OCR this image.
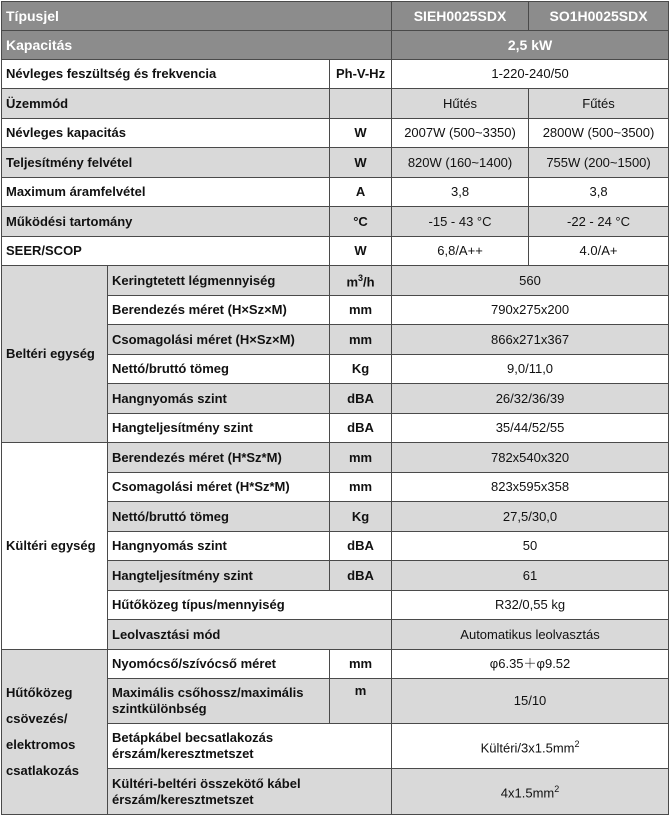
Típusjel			SIEH0025SDX	SO1H0025SDX
Kapacitás			2,5 kW	
Névleges feszültség és frekvencia		Ph-V-Hz	1-220-240/50	
Üzemmód			Hűtés	Fűtés
Névleges kapacitás		W	2007W (500~3350)	2800W (500~3500)
Teljesítmény felvétel		W	820W (160~1400)	755W (200~1500)
Maximum áramfelvétel		A	3,8	3,8
Működési tartomány		°C	-15 - 43 °C	-22 - 24 °C
SEER/SCOP		W	6,8/A++	4.0/A+
Beltéri egység	Keringtetett légmennyiség	$m^3/h$	560	
	Berendezés méret (H×Sz×M)	mm	790x275x200	
	Csomagolási méret (H×Sz×M)	mm	866x271x367	
	Nettó/bruttó tömeg	Kg	9,0/11,0	
	Hangnyomás szint	dBA	26/32/36/39	
	Hangteljesítmény szint	dBA	35/44/52/55	
Kültéri egység	Berendezés méret (H*Sz*M)	mm	782x540x320	
	Csomagolási méret (H*Sz*M)	mm	823x595x358	
	Nettó/bruttó tömeg	Kg	27,5/30,0	
	Hangnyomás szint	dBA	50	
	Hangteljesítmény szint	dBA	61	
	Hűtőközeg típus/mennyiség		R32/0,55 kg	
	Leolvasztási mód		Automatikus leolvasztás	
Hűtőközeg
csövezés/
elektromos
csatlakozás	Nyomócső/szívócső méret	mm	φ6.35＋φ9.52	
	Maximális csőhossz/maximális szintkülönbség	m	15/10	
	Betápkábel becsatlakozás érszám/keresztmetszet		Kültéri/$3x1.5mm^2$
	Kültéri-beltéri összekötő kábel érszám/keresztmetszet		$4x1.5mm^2$
